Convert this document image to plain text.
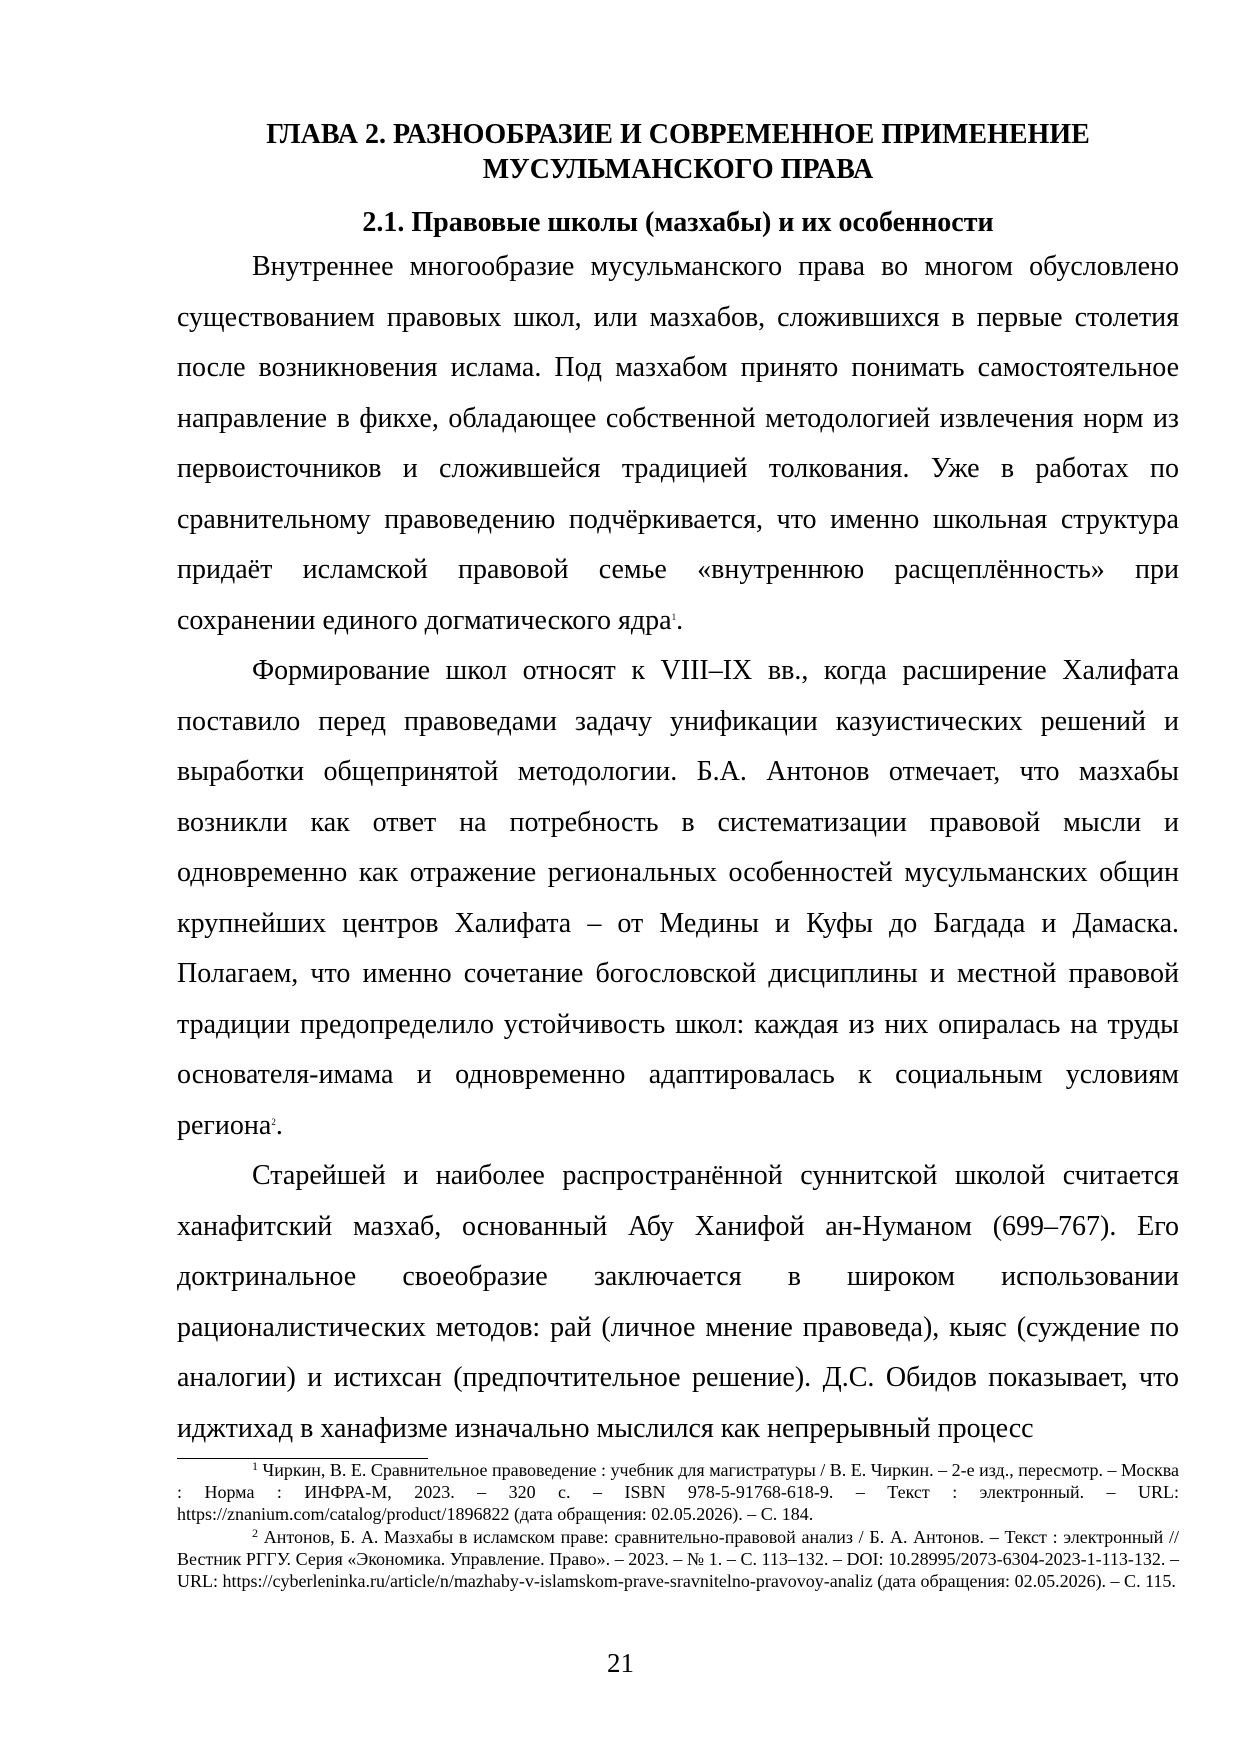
ГЛАВА 2. РАЗНООБРАЗИЕ И СОВРЕМЕННОЕ ПРИМЕНЕНИЕ МУСУЛЬМАНСКОГО ПРАВА
2.1. Правовые школы (мазхабы) и их особенности

Внутреннее многообразие мусульманского права во многом обусловлено существованием правовых школ, или мазхабов, сложившихся в первые столетия после возникновения ислама. Под мазхабом принято понимать самостоятельное направление в фикхе, обладающее собственной методологией извлечения норм из первоисточников и сложившейся традицией толкования. Уже в работах по сравнительному правоведению подчёркивается, что именно школьная структура придаёт исламской правовой семье «внутреннюю расщеплённость» при сохранении единого догматического ядра$^1$.

Формирование школ относят к VIII–IX вв., когда расширение Халифата поставило перед правоведами задачу унификации казуистических решений и выработки общепринятой методологии. Б.А. Антонов отмечает, что мазхабы возникли как ответ на потребность в систематизации правовой мысли и одновременно как отражение региональных особенностей мусульманских общин крупнейших центров Халифата – от Медины и Куфы до Багдада и Дамаска. Полагаем, что именно сочетание богословской дисциплины и местной правовой традиции предопределило устойчивость школ: каждая из них опиралась на труды основателя-имама и одновременно адаптировалась к социальным условиям региона$^2$.

Старейшей и наиболее распространённой суннитской школой считается ханафитский мазхаб, основанный Абу Ханифой ан-Нуманом (699–767). Его доктринальное своеобразие заключается в широком использовании рационалистических методов: рай (личное мнение правоведа), кыяс (суждение по аналогии) и истихсан (предпочтительное решение). Д.С. Обидов показывает, что иджтихад в ханафизме изначально мыслился как непрерывный процесс

$^1$ Чиркин, В. Е. Сравнительное правоведение : учебник для магистратуры / В. Е. Чиркин. – 2-е изд., пересмотр. – Москва : Норма : ИНФРА-М, 2023. – 320 с. – ISBN 978-5-91768-618-9. – Текст : электронный. – URL: https://znanium.com/catalog/product/1896822 (дата обращения: 02.05.2026). – С. 184.

$^2$ Антонов, Б. А. Мазхабы в исламском праве: сравнительно-правовой анализ / Б. А. Антонов. – Текст : электронный // Вестник РГГУ. Серия «Экономика. Управление. Право». – 2023. – № 1. – С. 113–132. – DOI: 10.28995/2073-6304-2023-1-113-132. – URL: https://cyberleninka.ru/article/n/mazhaby-v-islamskom-prave-sravnitelno-pravovoy-analiz (дата обращения: 02.05.2026). – С. 115.

21
